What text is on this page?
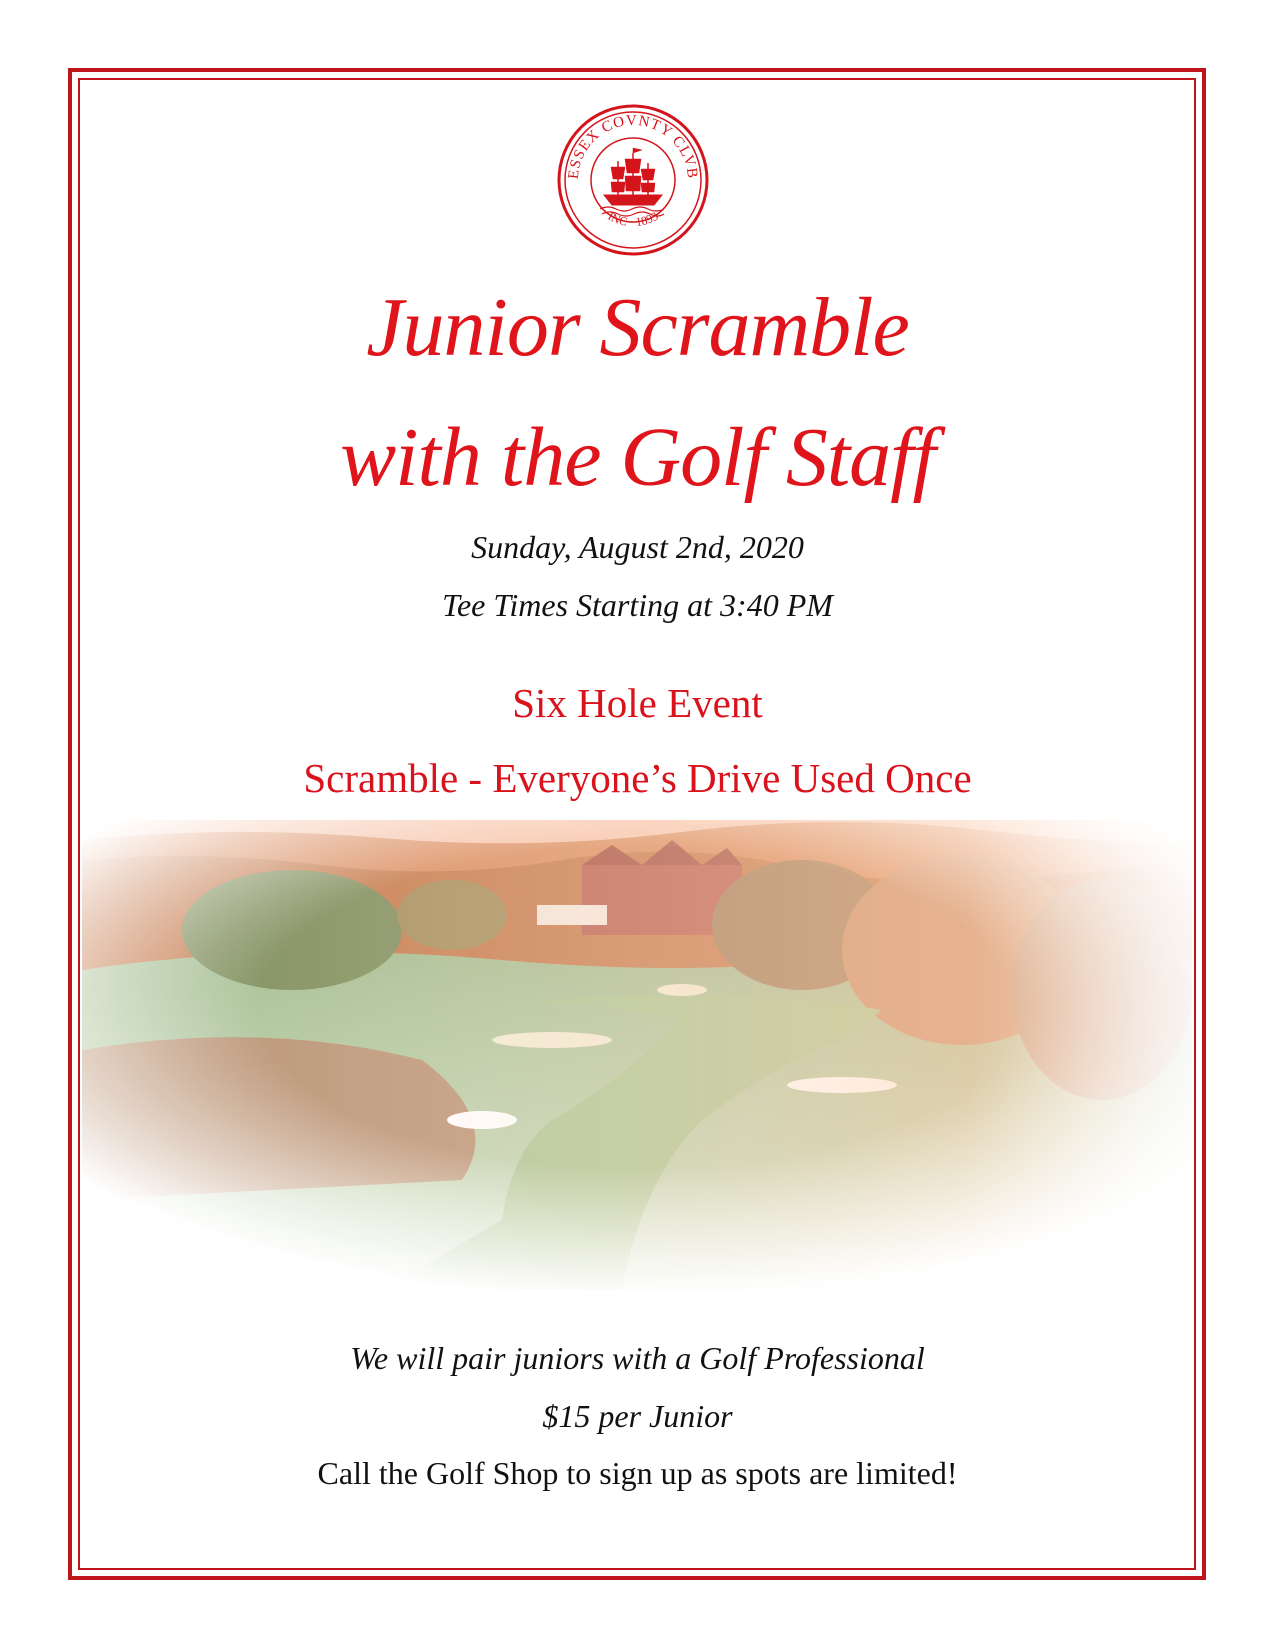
ESSEX COVNTY CLVB
INC · 1893
Junior Scramble
with the Golf Staff
Sunday, August 2nd, 2020
Tee Times Starting at 3:40 PM
Six Hole Event
Scramble - Everyone’s Drive Used Once
We will pair juniors with a Golf Professional
$15 per Junior
Call the Golf Shop to sign up as spots are limited!
